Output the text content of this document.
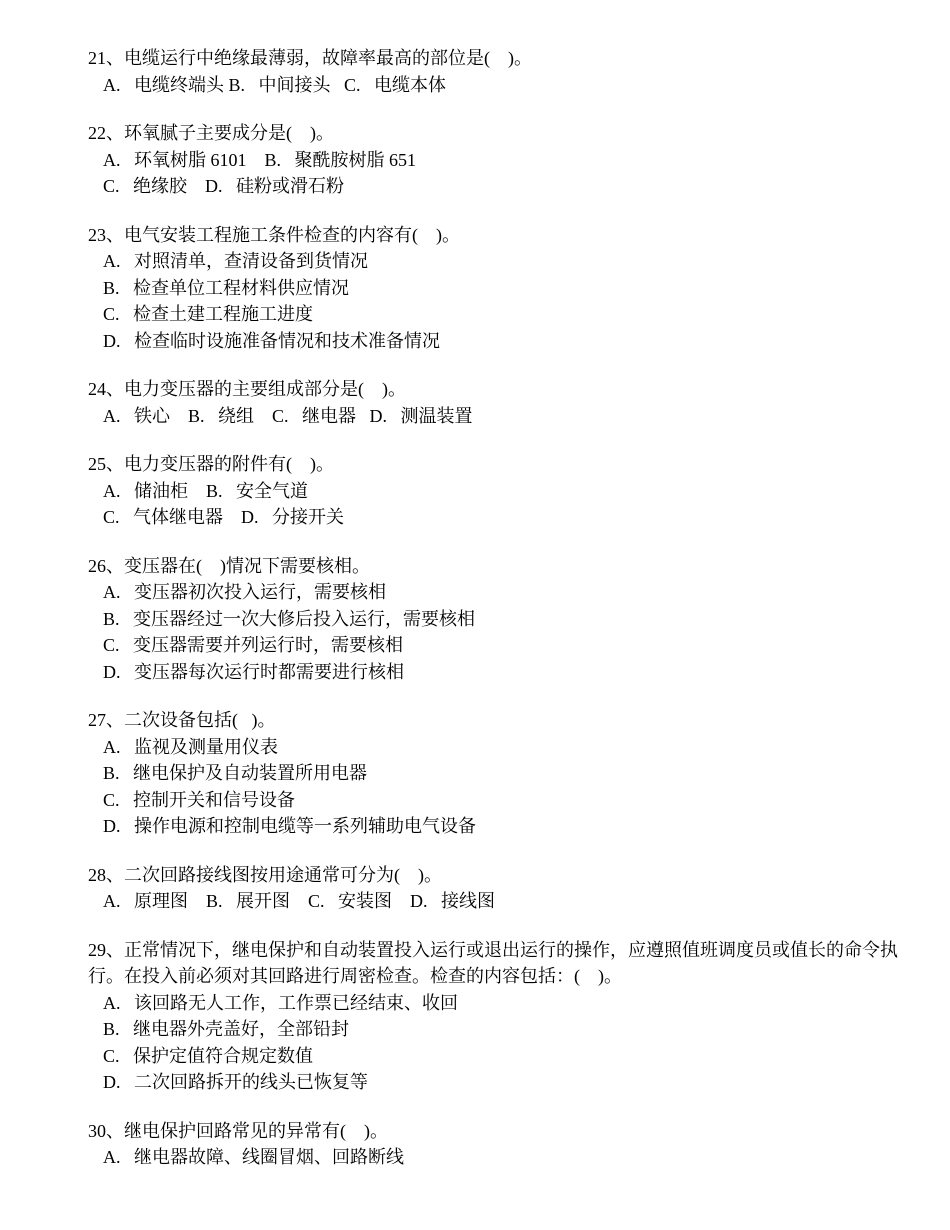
21、电缆运行中绝缘最薄弱，故障率最高的部位是(    )。

A.   电缆终端头 B.   中间接头   C.   电缆本体

22、环氧腻子主要成分是(    )。

A.   环氧树脂 6101    B.   聚酰胺树脂 651

C.   绝缘胶    D.   硅粉或滑石粉

23、电气安装工程施工条件检查的内容有(    )。

A.   对照清单，查清设备到货情况

B.   检查单位工程材料供应情况

C.   检查土建工程施工进度

D.   检查临时设施准备情况和技术准备情况

24、电力变压器的主要组成部分是(    )。

A.   铁心    B.   绕组    C.   继电器   D.   测温装置

25、电力变压器的附件有(    )。

A.   储油柜    B.   安全气道

C.   气体继电器    D.   分接开关

26、变压器在(    )情况下需要核相。

A.   变压器初次投入运行，需要核相

B.   变压器经过一次大修后投入运行，需要核相

C.   变压器需要并列运行时，需要核相

D.   变压器每次运行时都需要进行核相

27、二次设备包括(   )。

A.   监视及测量用仪表

B.   继电保护及自动装置所用电器

C.   控制开关和信号设备

D.   操作电源和控制电缆等一系列辅助电气设备

28、二次回路接线图按用途通常可分为(    )。

A.   原理图    B.   展开图    C.   安装图    D.   接线图

29、正常情况下，继电保护和自动装置投入运行或退出运行的操作，应遵照值班调度员或值长的命令执行。在投入前必须对其回路进行周密检查。检查的内容包括：(    )。

A.   该回路无人工作，工作票已经结束、收回

B.   继电器外壳盖好，全部铅封

C.   保护定值符合规定数值

D.   二次回路拆开的线头已恢复等

30、继电保护回路常见的异常有(    )。

A.   继电器故障、线圈冒烟、回路断线
